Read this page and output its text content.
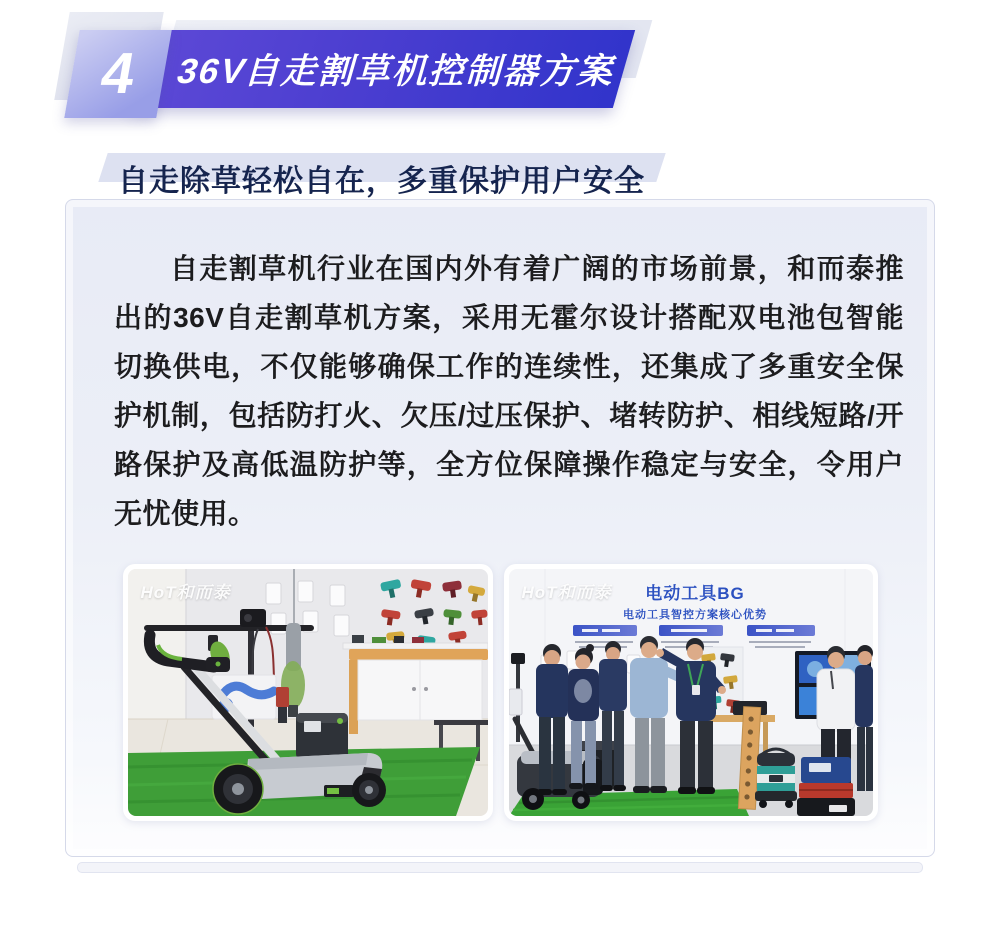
36V自走割草机控制器方案
4
自走除草轻松自在，多重保护用户安全

自走割草机行业在国内外有着广阔的市场前景，和而泰推出的36V自走割草机方案，采用无霍尔设计搭配双电池包智能切换供电，不仅能够确保工作的连续性，还集成了多重安全保护机制，包括防打火、欠压/过压保护、堵转防护、相线短路/开路保护及高低温防护等，全方位保障操作稳定与安全，令用户无忧使用。

HoT和而泰	电动工具BG
电动工具智控方案核心优势
HoT和而泰
